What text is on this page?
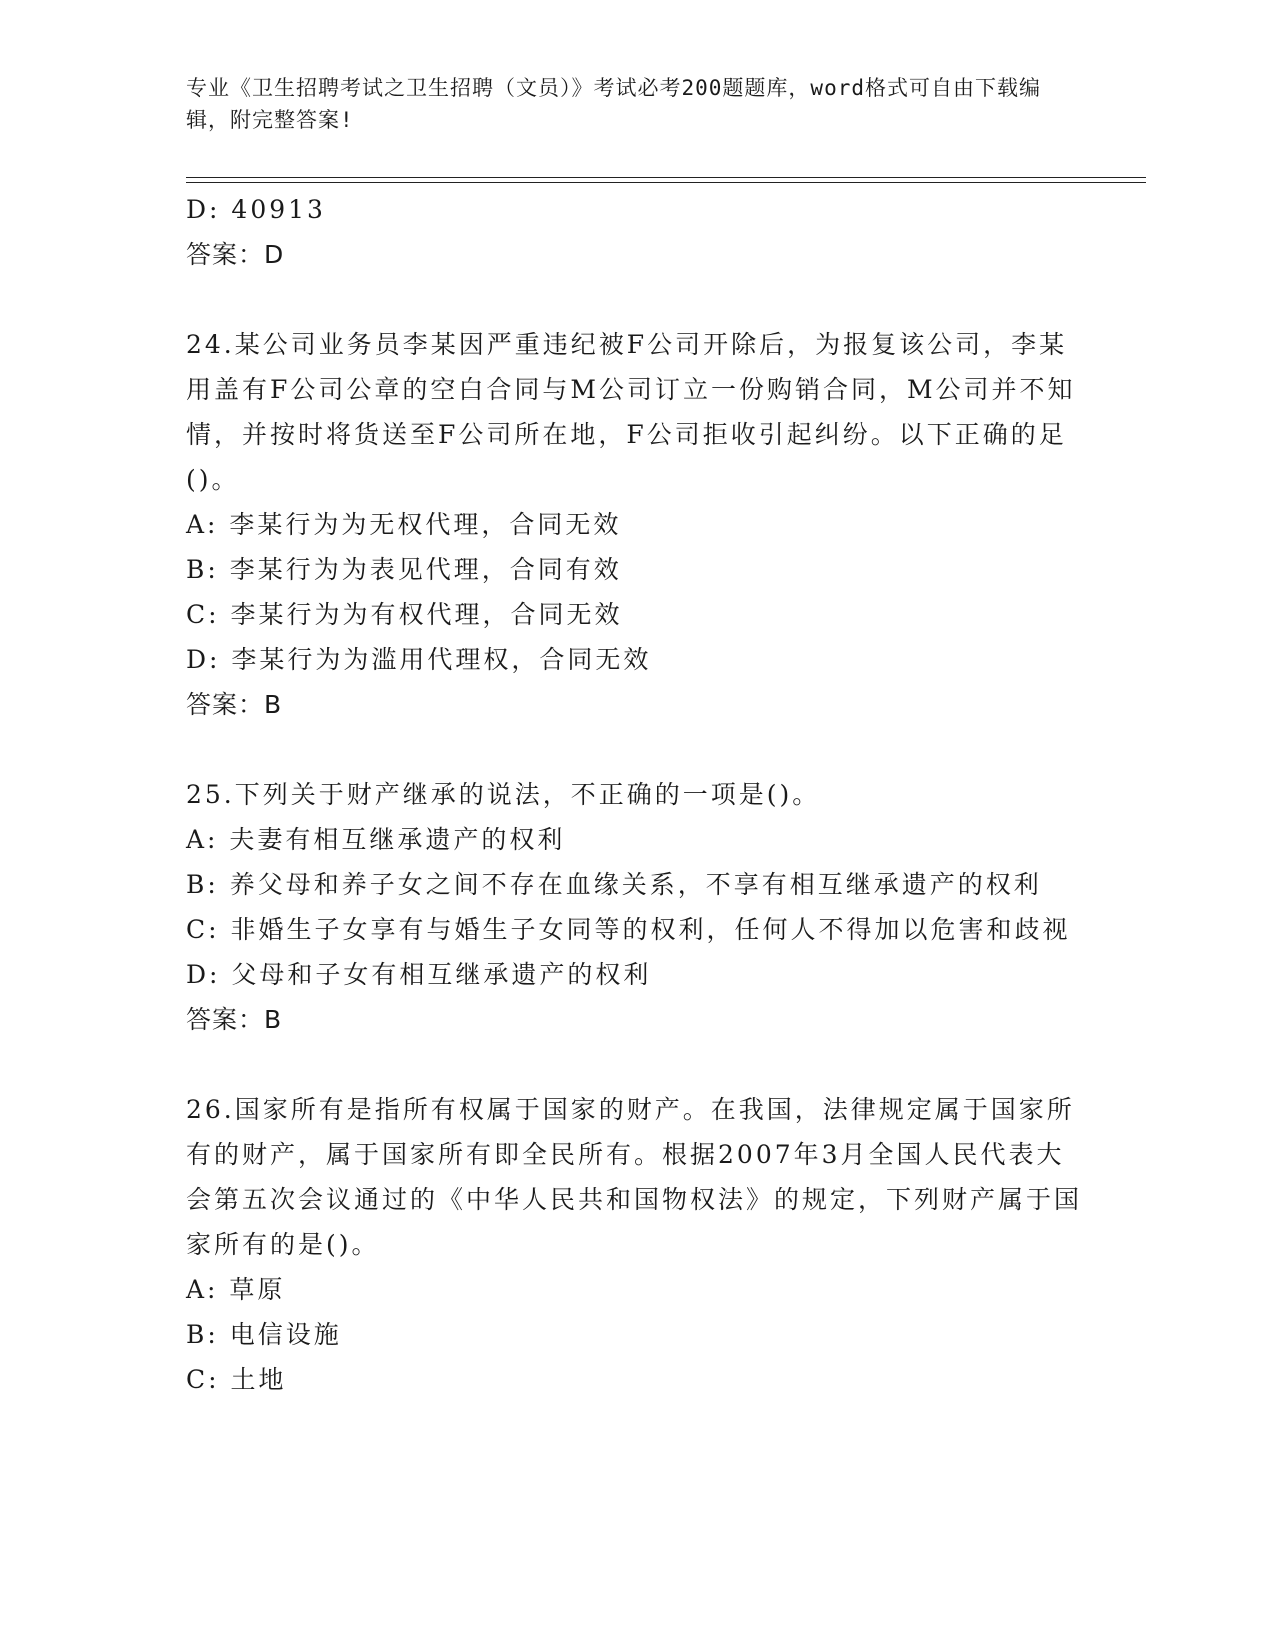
专业《卫生招聘考试之卫生招聘（文员）》考试必考200题题库，word格式可自由下载编辑，附完整答案!
D: 40913
答案：D
24.某公司业务员李某因严重违纪被F公司开除后，为报复该公司，李某用盖有F公司公章的空白合同与M公司订立一份购销合同，M公司并不知情，并按时将货送至F公司所在地，F公司拒收引起纠纷。以下正确的足()。
A: 李某行为为无权代理，合同无效
B: 李某行为为表见代理，合同有效
C: 李某行为为有权代理，合同无效
D: 李某行为为滥用代理权，合同无效
答案：B
25.下列关于财产继承的说法，不正确的一项是()。
A: 夫妻有相互继承遗产的权利
B: 养父母和养子女之间不存在血缘关系，不享有相互继承遗产的权利
C: 非婚生子女享有与婚生子女同等的权利，任何人不得加以危害和歧视
D: 父母和子女有相互继承遗产的权利
答案：B
26.国家所有是指所有权属于国家的财产。在我国，法律规定属于国家所有的财产，属于国家所有即全民所有。根据2007年3月全国人民代表大会第五次会议通过的《中华人民共和国物权法》的规定，下列财产属于国家所有的是()。
A: 草原
B: 电信设施
C: 土地
